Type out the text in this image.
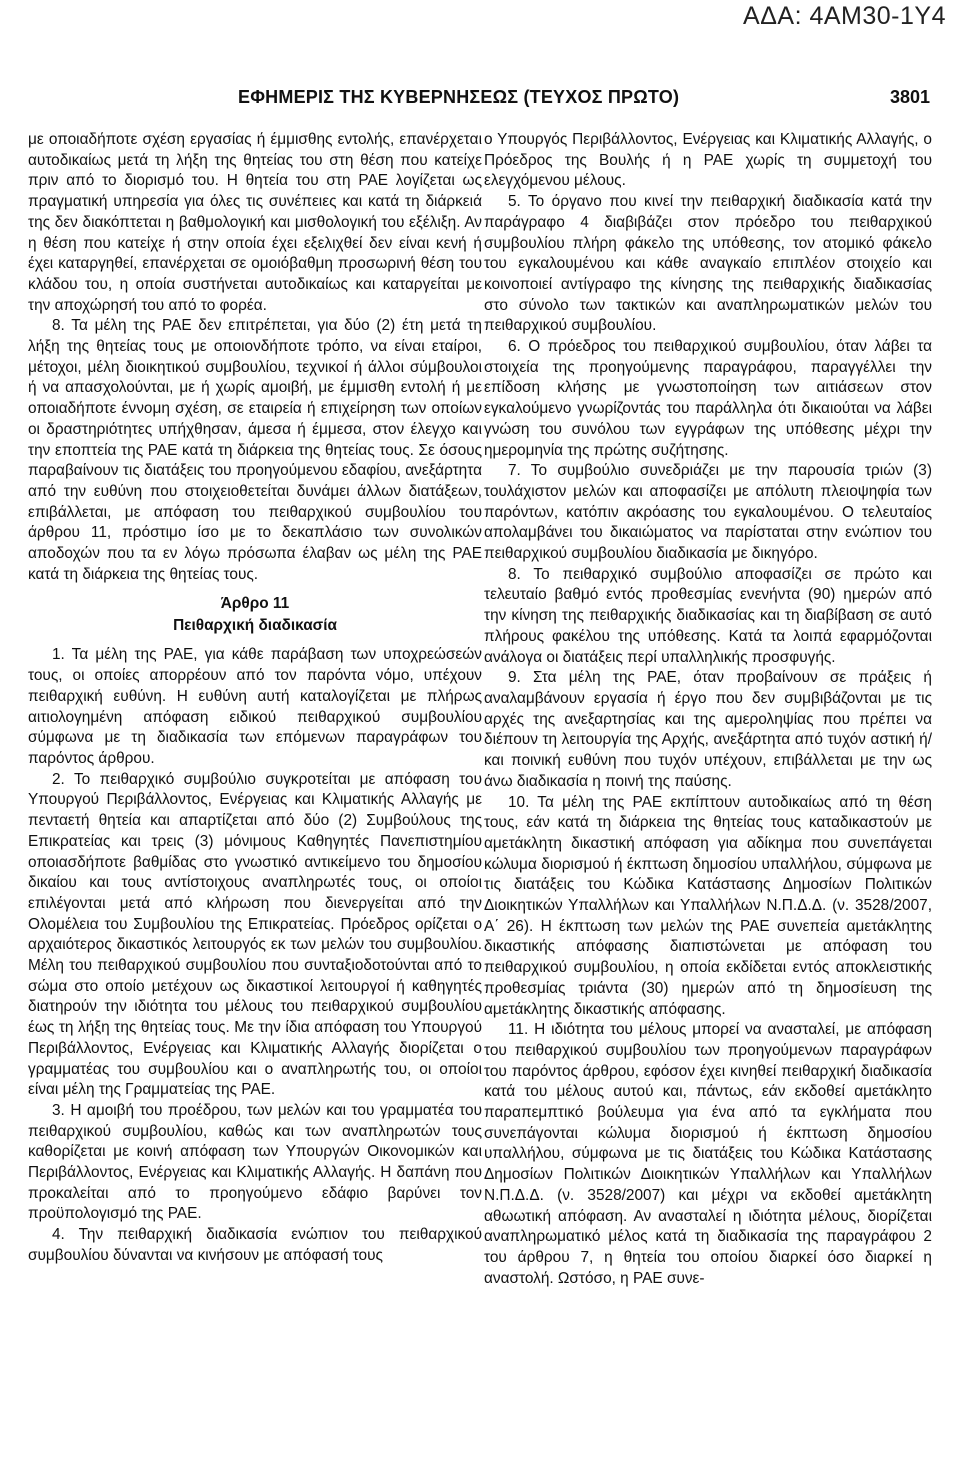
ΑΔΑ: 4ΑΜ30-1Υ4
ΕΦΗΜΕΡΙΣ ΤΗΣ ΚΥΒΕΡΝΗΣΕΩΣ (ΤΕΥΧΟΣ ΠΡΩΤΟ)	3801

με οποιαδήποτε σχέση εργασίας ή έμμισθης εντολής, επανέρχεται αυτοδικαίως μετά τη λήξη της θητείας του στη θέση που κατείχε πριν από το διορισμό του. Η θητεία του στη ΡΑΕ λογίζεται ως πραγματική υπηρεσία για όλες τις συνέπειες και κατά τη διάρκειά της δεν διακόπτεται η βαθμολογική και μισθολογική του εξέλιξη. Αν η θέση που κατείχε ή στην οποία έχει εξελιχθεί δεν είναι κενή ή έχει καταργηθεί, επανέρχεται σε ομοιόβαθμη προσωρινή θέση του κλάδου του, η οποία συστήνεται αυτοδικαίως και καταργείται με την αποχώρησή του από το φορέα.

8. Τα μέλη της ΡΑΕ δεν επιτρέπεται, για δύο (2) έτη μετά τη λήξη της θητείας τους με οποιονδήποτε τρόπο, να είναι εταίροι, μέτοχοι, μέλη διοικητικού συμβουλίου, τεχνικοί ή άλλοι σύμβουλοι ή να απασχολούνται, με ή χωρίς αμοιβή, με έμμισθη εντολή ή με οποιαδήποτε έννομη σχέση, σε εταιρεία ή επιχείρηση των οποίων οι δραστηριότητες υπήχθησαν, άμεσα ή έμμεσα, στον έλεγχο και την εποπτεία της ΡΑΕ κατά τη διάρκεια της θητείας τους. Σε όσους παραβαίνουν τις διατάξεις του προηγούμενου εδαφίου, ανεξάρτητα από την ευθύνη που στοιχειοθετείται δυνάμει άλλων διατάξεων, επιβάλλεται, με απόφαση του πειθαρχικού συμβουλίου του άρθρου 11, πρόστιμο ίσο με το δεκαπλάσιο των συνολικών αποδοχών που τα εν λόγω πρόσωπα έλαβαν ως μέλη της ΡΑΕ κατά τη διάρκεια της θητείας τους.

Άρθρο 11
Πειθαρχική διαδικασία

1. Τα μέλη της ΡΑΕ, για κάθε παράβαση των υποχρεώσεών τους, οι οποίες απορρέουν από τον παρόντα νόμο, υπέχουν πειθαρχική ευθύνη. Η ευθύνη αυτή καταλογίζεται με πλήρως αιτιολογημένη απόφαση ειδικού πειθαρχικού συμβουλίου σύμφωνα με τη διαδικασία των επόμενων παραγράφων του παρόντος άρθρου.

2. Το πειθαρχικό συμβούλιο συγκροτείται με απόφαση του Υπουργού Περιβάλλοντος, Ενέργειας και Κλιματικής Αλλαγής με πενταετή θητεία και απαρτίζεται από δύο (2) Συμβούλους της Επικρατείας και τρεις (3) μόνιμους Καθηγητές Πανεπιστημίου οποιασδήποτε βαθμίδας στο γνωστικό αντικείμενο του δημοσίου δικαίου και τους αντίστοιχους αναπληρωτές τους, οι οποίοι επιλέγονται μετά από κλήρωση που διενεργείται από την Ολομέλεια του Συμβουλίου της Επικρατείας. Πρόεδρος ορίζεται ο αρχαιότερος δικαστικός λειτουργός εκ των μελών του συμβουλίου. Μέλη του πειθαρχικού συμβουλίου που συνταξιοδοτούνται από το σώμα στο οποίο μετέχουν ως δικαστικοί λειτουργοί ή καθηγητές διατηρούν την ιδιότητα του μέλους του πειθαρχικού συμβουλίου έως τη λήξη της θητείας τους. Με την ίδια απόφαση του Υπουργού Περιβάλλοντος, Ενέργειας και Κλιματικής Αλλαγής διορίζεται ο γραμματέας του συμβουλίου και ο αναπληρωτής του, οι οποίοι είναι μέλη της Γραμματείας της ΡΑΕ.

3. Η αμοιβή του προέδρου, των μελών και του γραμματέα του πειθαρχικού συμβουλίου, καθώς και των αναπληρωτών τους καθορίζεται με κοινή απόφαση των Υπουργών Οικονομικών και Περιβάλλοντος, Ενέργειας και Κλιματικής Αλλαγής. Η δαπάνη που προκαλείται από το προηγούμενο εδάφιο βαρύνει τον προϋπολογισμό της ΡΑΕ.

4. Την πειθαρχική διαδικασία ενώπιον του πειθαρχικού συμβουλίου δύνανται να κινήσουν με απόφασή τους

ο Υπουργός Περιβάλλοντος, Ενέργειας και Κλιματικής Αλλαγής, ο Πρόεδρος της Βουλής ή η ΡΑΕ χωρίς τη συμμετοχή του ελεγχόμενου μέλους.

5. Το όργανο που κινεί την πειθαρχική διαδικασία κατά την παράγραφο 4 διαβιβάζει στον πρόεδρο του πειθαρχικού συμβουλίου πλήρη φάκελο της υπόθεσης, τον ατομικό φάκελο του εγκαλουμένου και κάθε αναγκαίο επιπλέον στοιχείο και κοινοποιεί αντίγραφο της κίνησης της πειθαρχικής διαδικασίας στο σύνολο των τακτικών και αναπληρωματικών μελών του πειθαρχικού συμβουλίου.

6. Ο πρόεδρος του πειθαρχικού συμβουλίου, όταν λάβει τα στοιχεία της προηγούμενης παραγράφου, παραγγέλλει την επίδοση κλήσης με γνωστοποίηση των αιτιάσεων στον εγκαλούμενο γνωρίζοντάς του παράλληλα ότι δικαιούται να λάβει γνώση του συνόλου των εγγράφων της υπόθεσης μέχρι την ημερομηνία της πρώτης συζήτησης.

7. Το συμβούλιο συνεδριάζει με την παρουσία τριών (3) τουλάχιστον μελών και αποφασίζει με απόλυτη πλειοψηφία των παρόντων, κατόπιν ακρόασης του εγκαλουμένου. Ο τελευταίος απολαμβάνει του δικαιώματος να παρίσταται στην ενώπιον του πειθαρχικού συμβουλίου διαδικασία με δικηγόρο.

8. Το πειθαρχικό συμβούλιο αποφασίζει σε πρώτο και τελευταίο βαθμό εντός προθεσμίας ενενήντα (90) ημερών από την κίνηση της πειθαρχικής διαδικασίας και τη διαβίβαση σε αυτό πλήρους φακέλου της υπόθεσης. Κατά τα λοιπά εφαρμόζονται ανάλογα οι διατάξεις περί υπαλληλικής προσφυγής.

9. Στα μέλη της ΡΑΕ, όταν προβαίνουν σε πράξεις ή αναλαμβάνουν εργασία ή έργο που δεν συμβιβάζονται με τις αρχές της ανεξαρτησίας και της αμεροληψίας που πρέπει να διέπουν τη λειτουργία της Αρχής, ανεξάρτητα από τυχόν αστική ή/και ποινική ευθύνη που τυχόν υπέχουν, επιβάλλεται με την ως άνω διαδικασία η ποινή της παύσης.

10. Τα μέλη της ΡΑΕ εκπίπτουν αυτοδικαίως από τη θέση τους, εάν κατά τη διάρκεια της θητείας τους καταδικαστούν με αμετάκλητη δικαστική απόφαση για αδίκημα που συνεπάγεται κώλυμα διορισμού ή έκπτωση δημοσίου υπαλλήλου, σύμφωνα με τις διατάξεις του Κώδικα Κατάστασης Δημοσίων Πολιτικών Διοικητικών Υπαλλήλων και Υπαλλήλων Ν.Π.Δ.Δ. (ν. 3528/2007, Α΄ 26). Η έκπτωση των μελών της ΡΑΕ συνεπεία αμετάκλητης δικαστικής απόφασης διαπιστώνεται με απόφαση του πειθαρχικού συμβουλίου, η οποία εκδίδεται εντός αποκλειστικής προθεσμίας τριάντα (30) ημερών από τη δημοσίευση της αμετάκλητης δικαστικής απόφασης.

11. Η ιδιότητα του μέλους μπορεί να ανασταλεί, με απόφαση του πειθαρχικού συμβουλίου των προηγούμενων παραγράφων του παρόντος άρθρου, εφόσον έχει κινηθεί πειθαρχική διαδικασία κατά του μέλους αυτού και, πάντως, εάν εκδοθεί αμετάκλητο παραπεμπτικό βούλευμα για ένα από τα εγκλήματα που συνεπάγονται κώλυμα διορισμού ή έκπτωση δημοσίου υπαλλήλου, σύμφωνα με τις διατάξεις του Κώδικα Κατάστασης Δημοσίων Πολιτικών Διοικητικών Υπαλλήλων και Υπαλλήλων Ν.Π.Δ.Δ. (ν. 3528/2007) και μέχρι να εκδοθεί αμετάκλητη αθωωτική απόφαση. Αν ανασταλεί η ιδιότητα μέλους, διορίζεται αναπληρωματικό μέλος κατά τη διαδικασία της παραγράφου 2 του άρθρου 7, η θητεία του οποίου διαρκεί όσο διαρκεί η αναστολή. Ωστόσο, η ΡΑΕ συνε-
